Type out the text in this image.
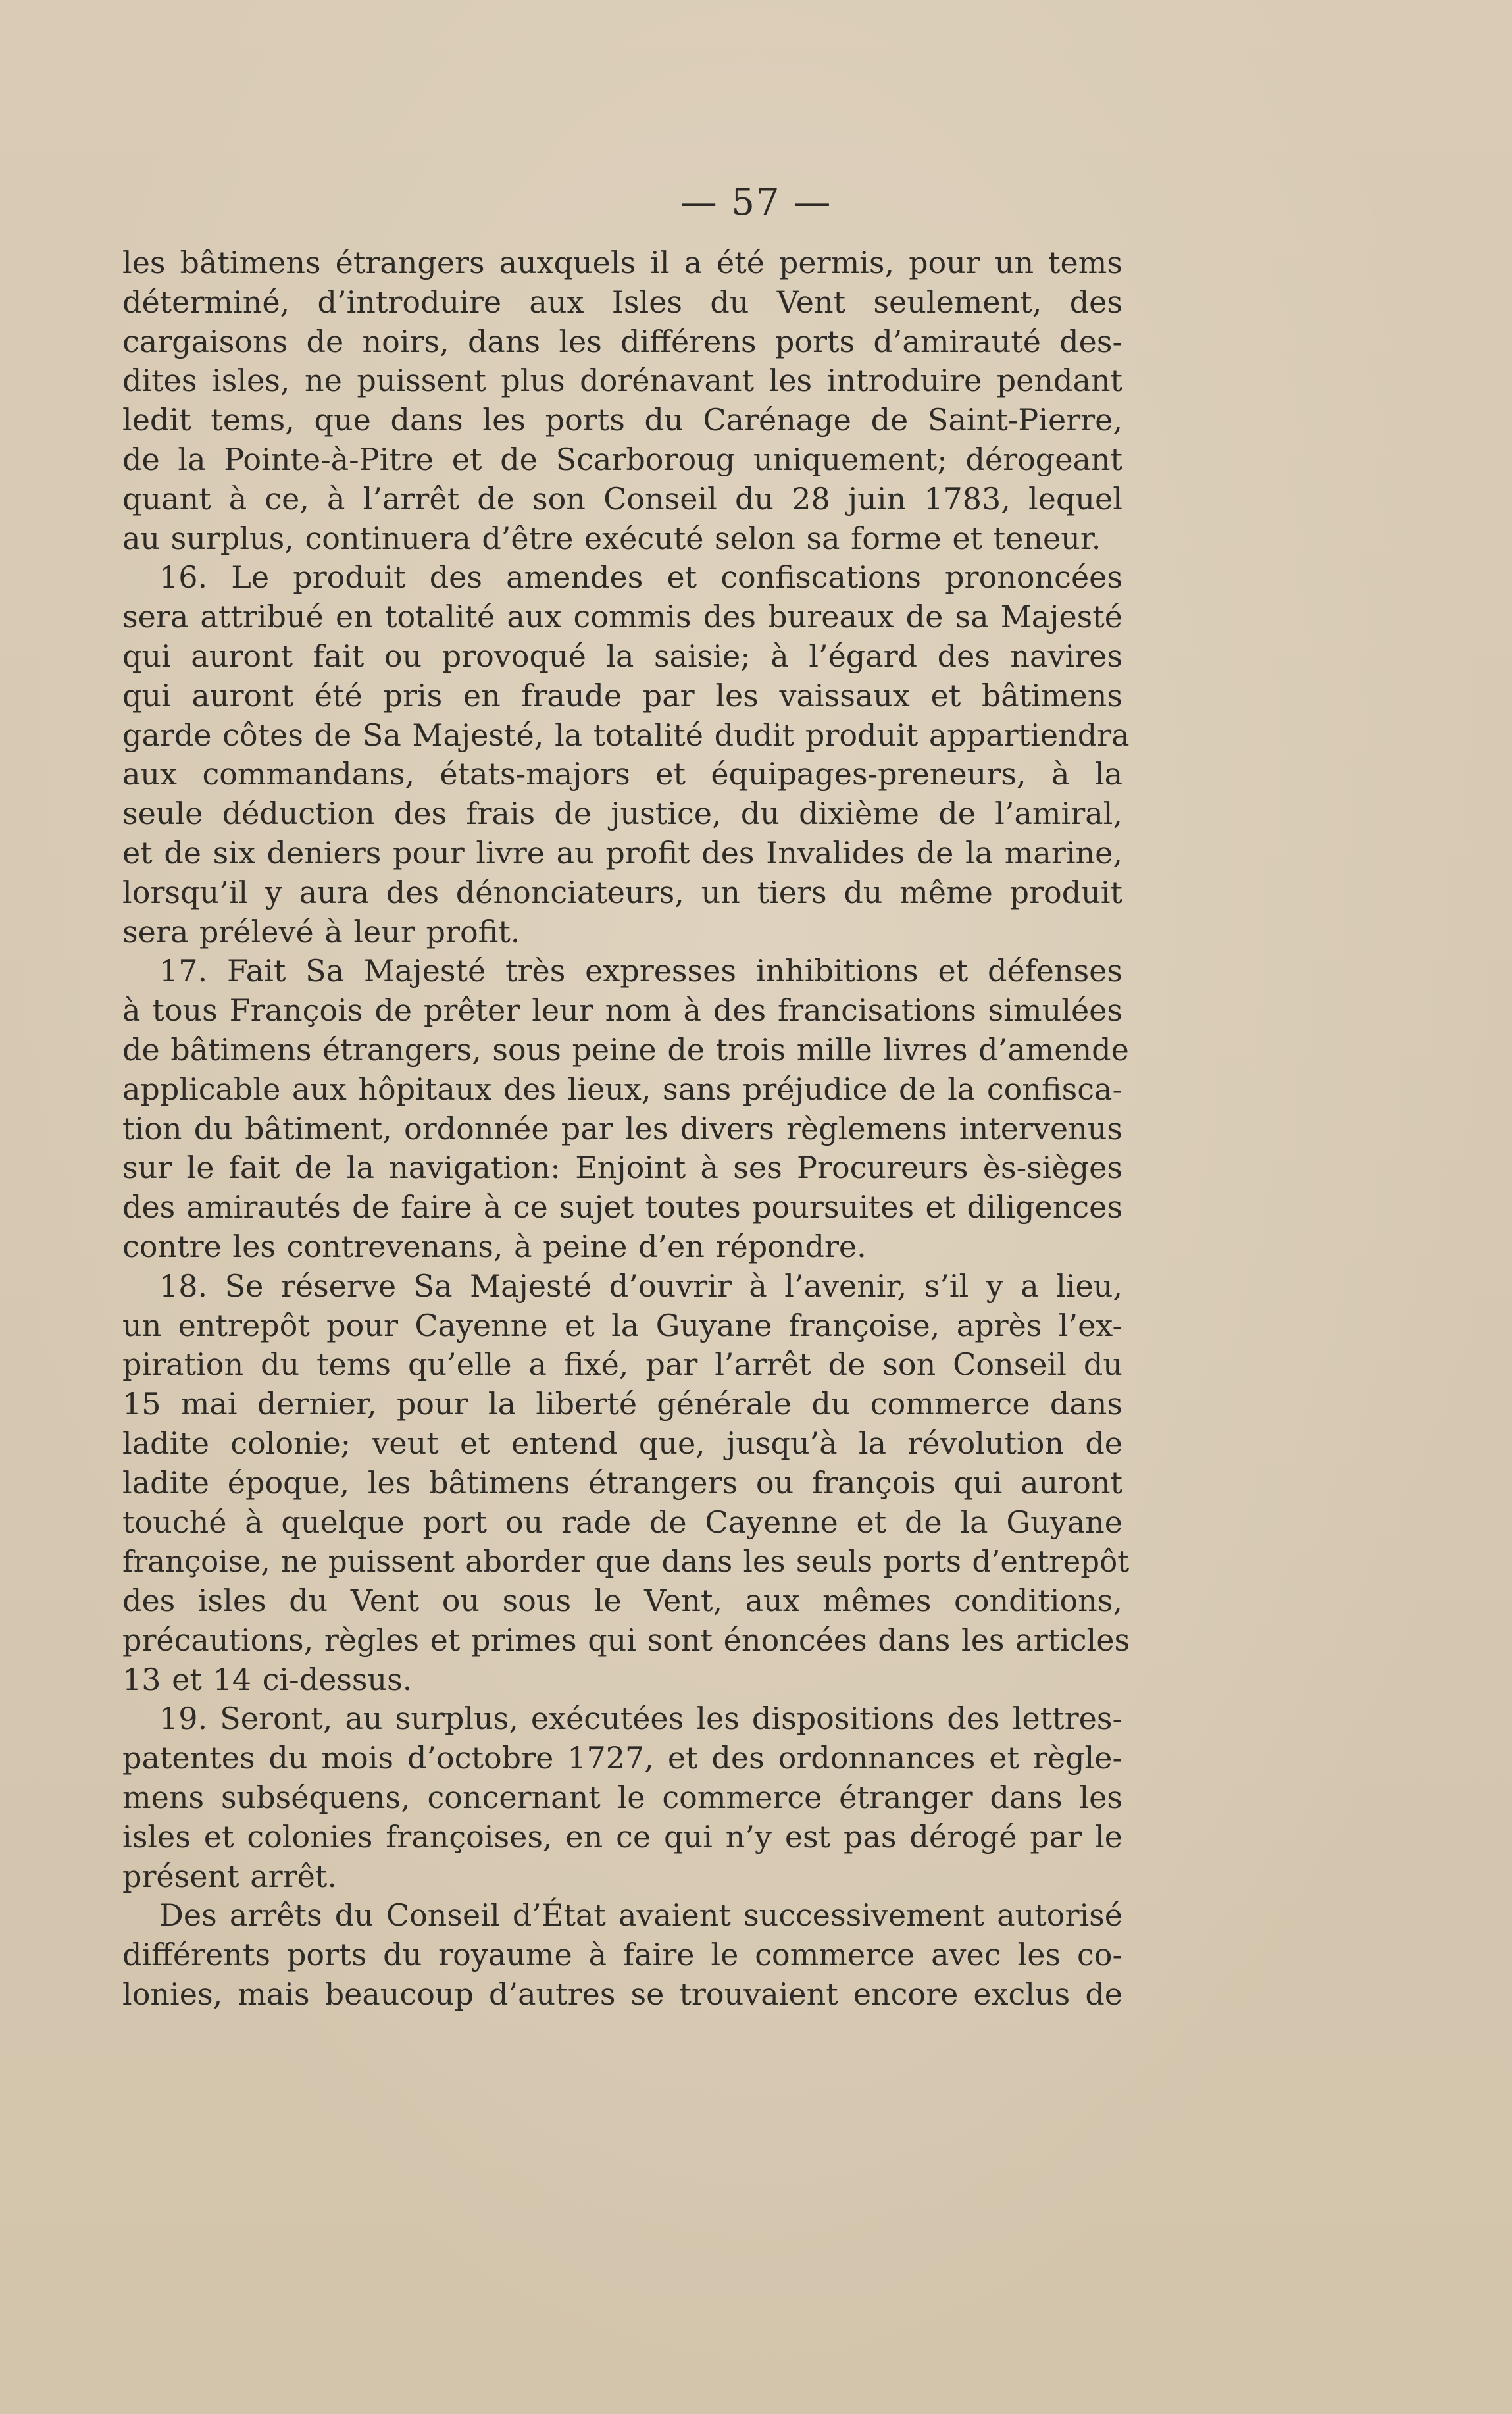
— 57 —
les bâtimens étrangers auxquels il a été permis, pour un tems
déterminé, d’introduire aux Isles du Vent seulement, des
cargaisons de noirs, dans les différens ports d’amirauté des-
dites isles, ne puissent plus dorénavant les introduire pendant
ledit tems, que dans les ports du Carénage de Saint-Pierre,
de la Pointe-à-Pitre et de Scarboroug uniquement; dérogeant
quant à ce, à l’arrêt de son Conseil du 28 juin 1783, lequel
au surplus, continuera d’être exécuté selon sa forme et teneur.
16. Le produit des amendes et confiscations prononcées
sera attribué en totalité aux commis des bureaux de sa Majesté
qui auront fait ou provoqué la saisie; à l’égard des navires
qui auront été pris en fraude par les vaissaux et bâtimens
garde côtes de Sa Majesté, la totalité dudit produit appartiendra
aux commandans, états-majors et équipages-preneurs, à la
seule déduction des frais de justice, du dixième de l’amiral,
et de six deniers pour livre au profit des Invalides de la marine,
lorsqu’il y aura des dénonciateurs, un tiers du même produit
sera prélevé à leur profit.
17. Fait Sa Majesté très expresses inhibitions et défenses
à tous François de prêter leur nom à des francisations simulées
de bâtimens étrangers, sous peine de trois mille livres d’amende
applicable aux hôpitaux des lieux, sans préjudice de la confisca-
tion du bâtiment, ordonnée par les divers règlemens intervenus
sur le fait de la navigation: Enjoint à ses Procureurs ès-sièges
des amirautés de faire à ce sujet toutes poursuites et diligences
contre les contrevenans, à peine d’en répondre.
18. Se réserve Sa Majesté d’ouvrir à l’avenir, s’il y a lieu,
un entrepôt pour Cayenne et la Guyane françoise, après l’ex-
piration du tems qu’elle a fixé, par l’arrêt de son Conseil du
15 mai dernier, pour la liberté générale du commerce dans
ladite colonie; veut et entend que, jusqu’à la révolution de
ladite époque, les bâtimens étrangers ou françois qui auront
touché à quelque port ou rade de Cayenne et de la Guyane
françoise, ne puissent aborder que dans les seuls ports d’entrepôt
des isles du Vent ou sous le Vent, aux mêmes conditions,
précautions, règles et primes qui sont énoncées dans les articles
13 et 14 ci-dessus.
19. Seront, au surplus, exécutées les dispositions des lettres-
patentes du mois d’octobre 1727, et des ordonnances et règle-
mens subséquens, concernant le commerce étranger dans les
isles et colonies françoises, en ce qui n’y est pas dérogé par le
présent arrêt.
Des arrêts du Conseil d’État avaient successivement autorisé
différents ports du royaume à faire le commerce avec les co-
lonies, mais beaucoup d’autres se trouvaient encore exclus de
